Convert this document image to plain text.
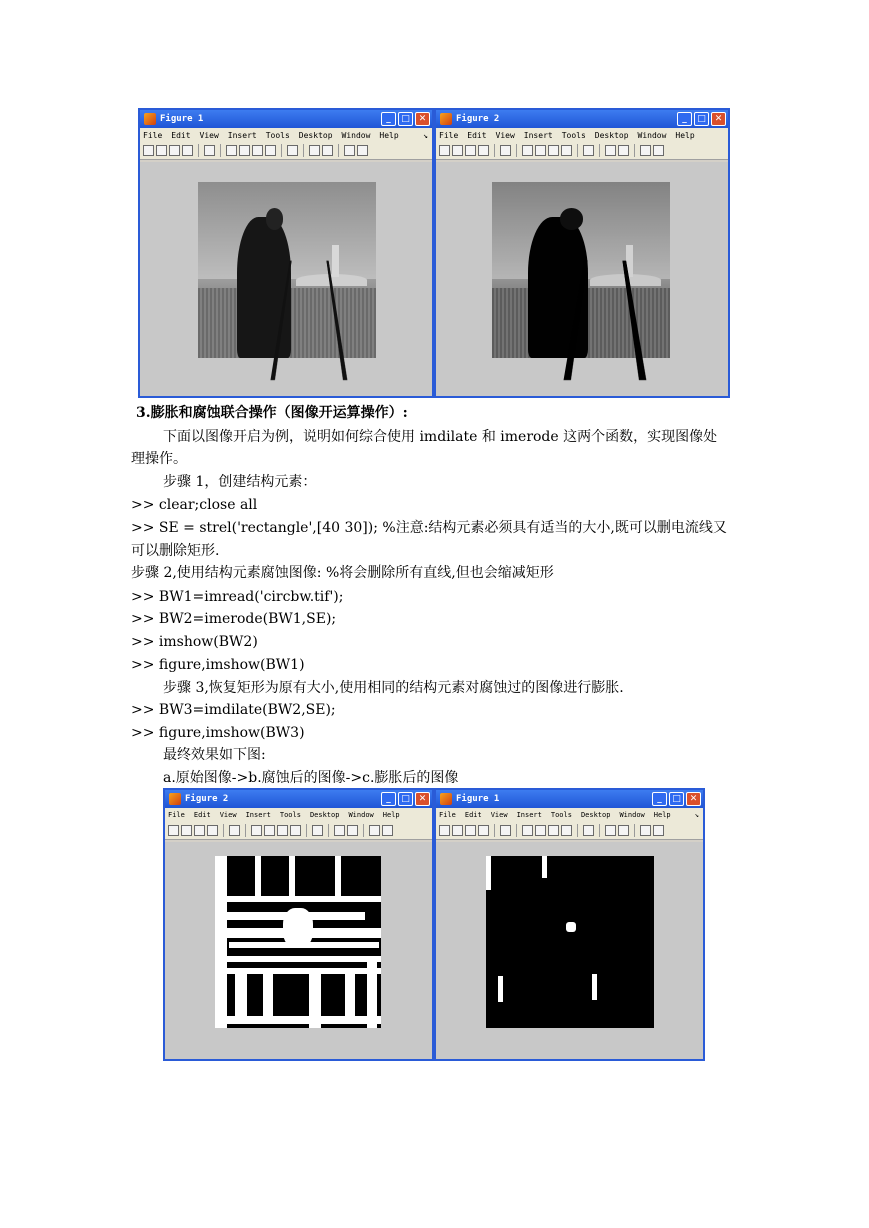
Figure 1	_	□ ✕
File Edit View Insert Tools Desktop Window Help	↘
Figure 2	_	□ ✕
File Edit View Insert Tools Desktop Window Help

3.膨胀和腐蚀联合操作（图像开运算操作）:

下面以图像开启为例，说明如何综合使用 imdilate 和 imerode 这两个函数，实现图像处

理操作。

步骤 1，创建结构元素：

>> clear;close all

>> SE = strel('rectangle',[40 30]); %注意:结构元素必须具有适当的大小,既可以删电流线又

可以删除矩形.

步骤 2,使用结构元素腐蚀图像: %将会删除所有直线,但也会缩减矩形

>> BW1=imread('circbw.tif');

>> BW2=imerode(BW1,SE);

>> imshow(BW2)

>> figure,imshow(BW1)

步骤 3,恢复矩形为原有大小,使用相同的结构元素对腐蚀过的图像进行膨胀.

>> BW3=imdilate(BW2,SE);

>> figure,imshow(BW3)

最终效果如下图:

a.原始图像->b.腐蚀后的图像->c.膨胀后的图像

Figure 2	_	□ ✕
File Edit View Insert Tools Desktop Window Help
Figure 1	_	□ ✕
File Edit View Insert Tools Desktop Window Help	↘
